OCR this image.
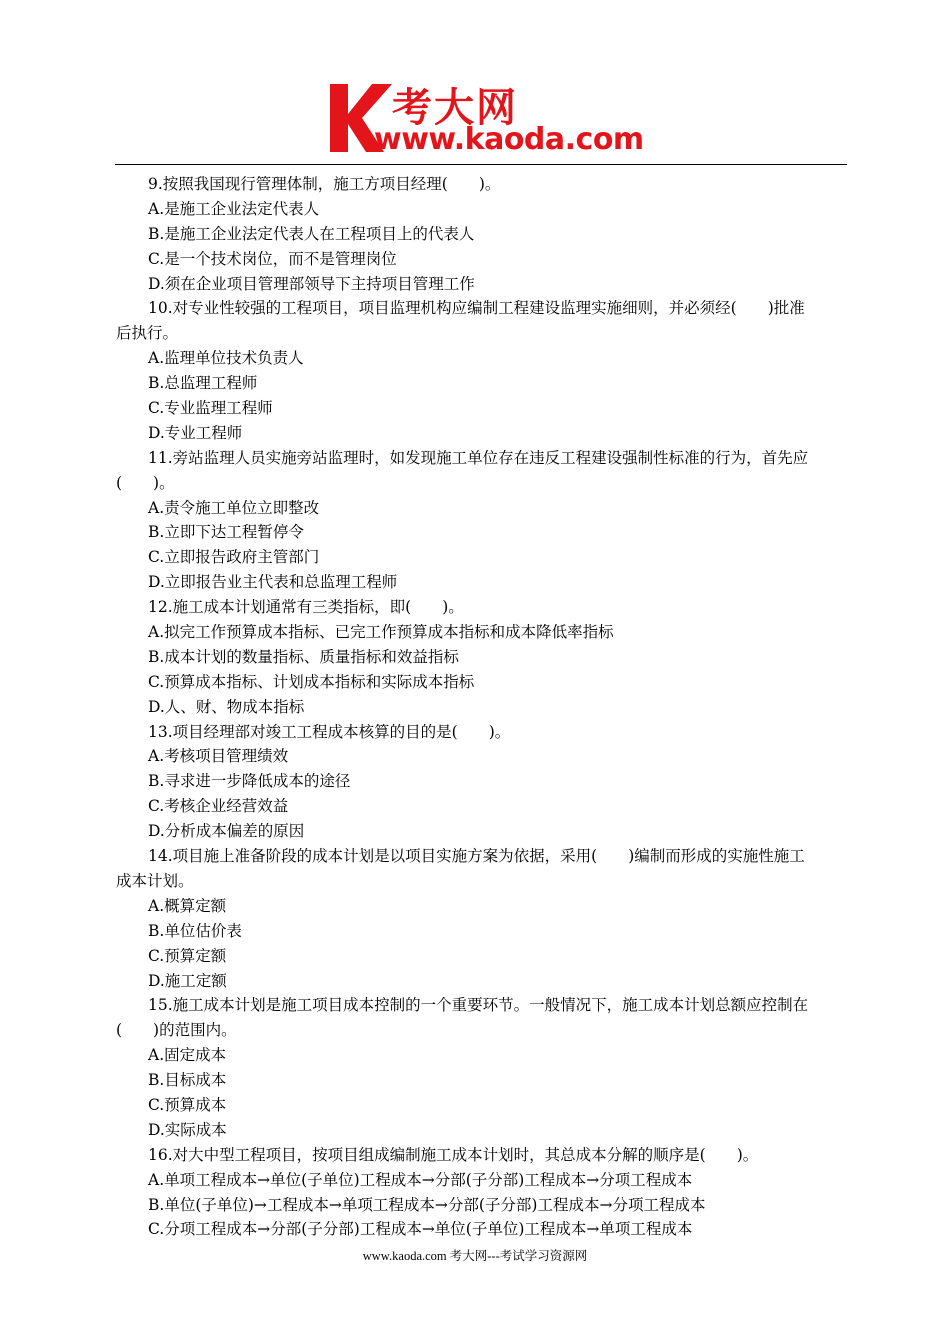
考大网
www.kaoda.com
9.按照我国现行管理体制，施工方项目经理(　　)。
A.是施工企业法定代表人
B.是施工企业法定代表人在工程项目上的代表人
C.是一个技术岗位，而不是管理岗位
D.须在企业项目管理部领导下主持项目管理工作
10.对专业性较强的工程项目，项目监理机构应编制工程建设监理实施细则，并必须经(　　)批准
后执行。
A.监理单位技术负责人
B.总监理工程师
C.专业监理工程师
D.专业工程师
11.旁站监理人员实施旁站监理时，如发现施工单位存在违反工程建设强制性标准的行为，首先应
(　　)。
A.责令施工单位立即整改
B.立即下达工程暂停令
C.立即报告政府主管部门
D.立即报告业主代表和总监理工程师
12.施工成本计划通常有三类指标，即(　　)。
A.拟完工作预算成本指标、已完工作预算成本指标和成本降低率指标
B.成本计划的数量指标、质量指标和效益指标
C.预算成本指标、计划成本指标和实际成本指标
D.人、财、物成本指标
13.项目经理部对竣工工程成本核算的目的是(　　)。
A.考核项目管理绩效
B.寻求进一步降低成本的途径
C.考核企业经营效益
D.分析成本偏差的原因
14.项目施上准备阶段的成本计划是以项目实施方案为依据，采用(　　)编制而形成的实施性施工
成本计划。
A.概算定额
B.单位估价表
C.预算定额
D.施工定额
15.施工成本计划是施工项目成本控制的一个重要环节。一般情况下，施工成本计划总额应控制在
(　　)的范围内。
A.固定成本
B.目标成本
C.预算成本
D.实际成本
16.对大中型工程项目，按项目组成编制施工成本计划时，其总成本分解的顺序是(　　)。
A.单项工程成本→单位(子单位)工程成本→分部(子分部)工程成本→分项工程成本
B.单位(子单位)→工程成本→单项工程成本→分部(子分部)工程成本→分项工程成本
C.分项工程成本→分部(子分部)工程成本→单位(子单位)工程成本→单项工程成本
www.kaoda.com 考大网---考试学习资源网
